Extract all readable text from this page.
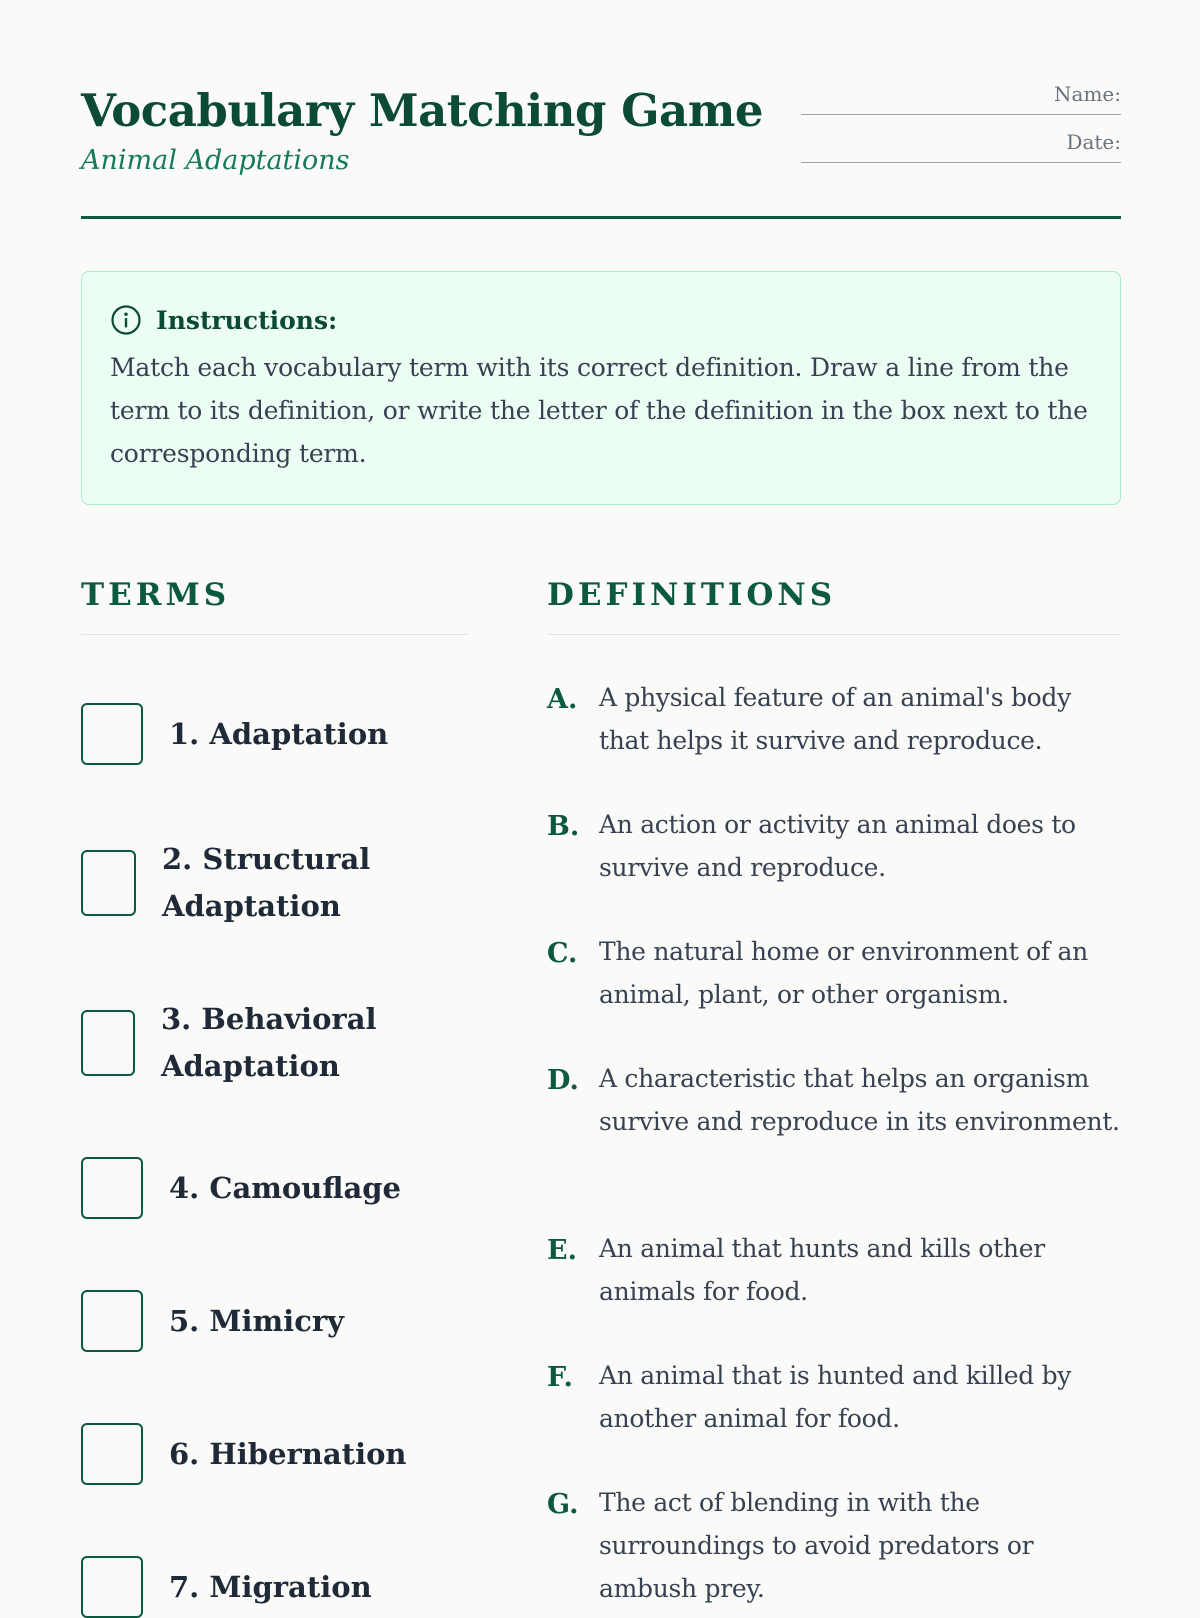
Vocabulary Matching Game
Animal Adaptations
Name:
Date:
Instructions:
Match each vocabulary term with its correct definition. Draw a line from the term to its definition, or write the letter of the definition in the box next to the corresponding term.
TERMS	DEFINITIONS
1. Adaptation
2. Structural Adaptation
3. Behavioral Adaptation
4. Camouflage
5. Mimicry
6. Hibernation
7. Migration
A. A physical feature of an animal's body that helps it survive and reproduce.
B. An action or activity an animal does to survive and reproduce.
C. The natural home or environment of an animal, plant, or other organism.
D. A characteristic that helps an organism survive and reproduce in its environment.
E. An animal that hunts and kills other animals for food.
F.	An animal that is hunted and killed by another animal for food.
G. The act of blending in with the surroundings to avoid predators or ambush prey.
